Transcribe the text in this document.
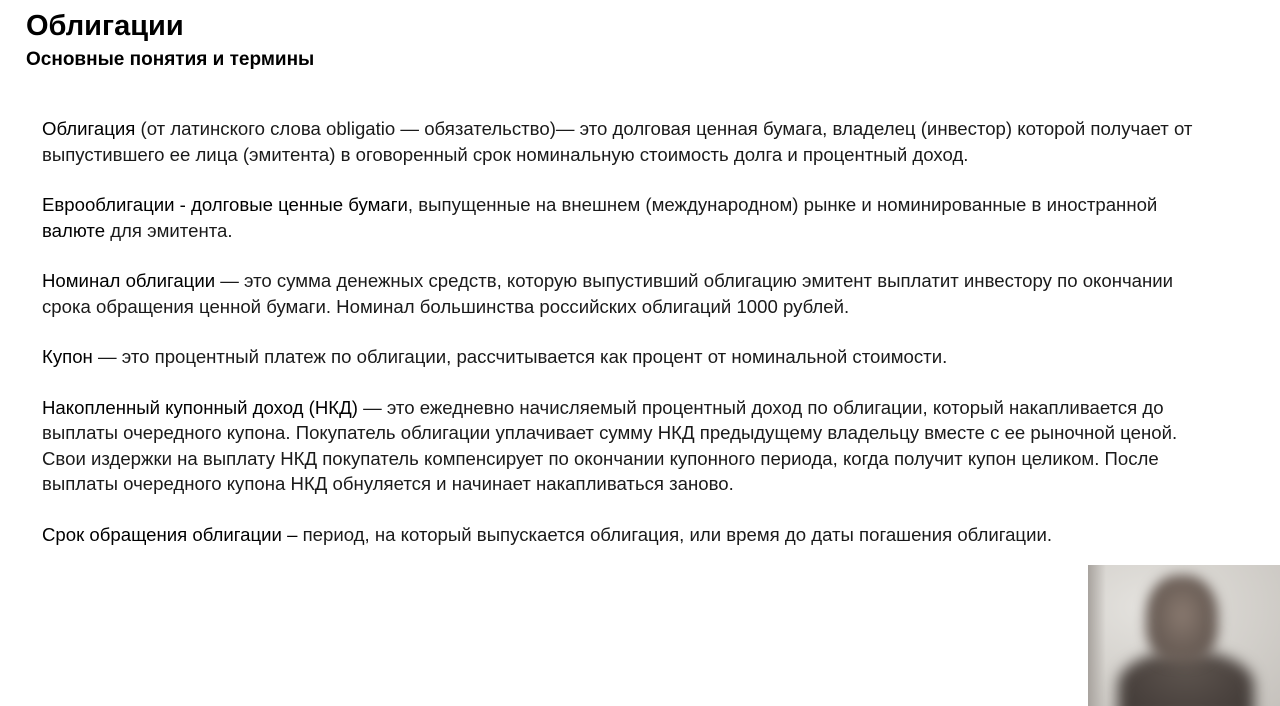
Облигации
Основные понятия и термины

Облигация (от латинского слова obligatio — обязательство)— это долговая ценная бумага, владелец (инвестор) которой получает от выпустившего ее лица (эмитента) в оговоренный срок номинальную стоимость долга и процентный доход.

Еврооблигации - долговые ценные бумаги, выпущенные на внешнем (международном) рынке и номинированные в иностранной валюте для эмитента.

Номинал облигации — это сумма денежных средств, которую выпустивший облигацию эмитент выплатит инвестору по окончании срока обращения ценной бумаги. Номинал большинства российских облигаций 1000 рублей.

Купон — это процентный платеж по облигации, рассчитывается как процент от номинальной стоимости.

Накопленный купонный доход (НКД) — это ежедневно начисляемый процентный доход по облигации, который накапливается до выплаты очередного купона. Покупатель облигации уплачивает сумму НКД предыдущему владельцу вместе с ее рыночной ценой. Свои издержки на выплату НКД покупатель компенсирует по окончании купонного периода, когда получит купон целиком. После выплаты очередного купона НКД обнуляется и начинает накапливаться заново.

Срок обращения облигации – период, на который выпускается облигация, или время до даты погашения облигации.
